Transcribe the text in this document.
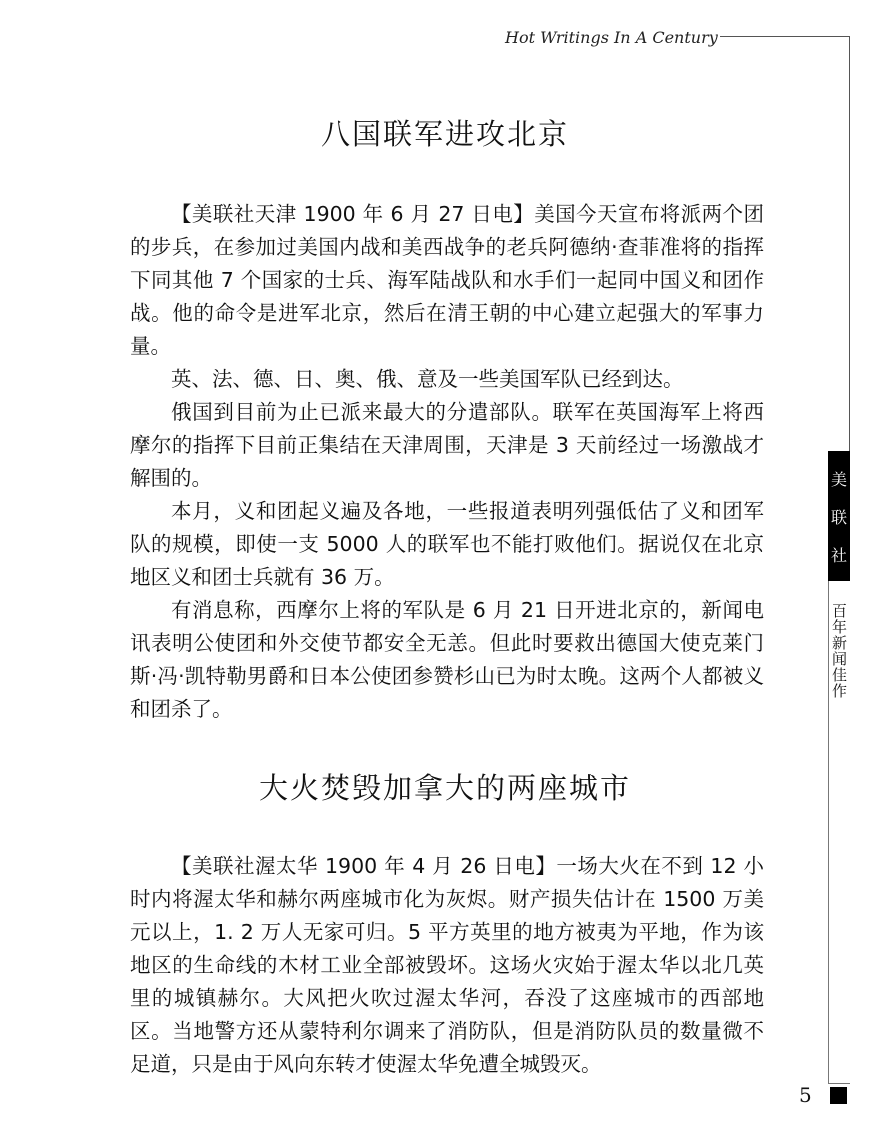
Hot Writings In A Century
美
联
社
百年新闻佳作
5
八国联军进攻北京

【美联社天津 1900 年 6 月 27 日电】美国今天宣布将派两个团的步兵，在参加过美国内战和美西战争的老兵阿德纳·查菲准将的指挥下同其他 7 个国家的士兵、海军陆战队和水手们一起同中国义和团作战。他的命令是进军北京，然后在清王朝的中心建立起强大的军事力量。

英、法、德、日、奥、俄、意及一些美国军队已经到达。

俄国到目前为止已派来最大的分遣部队。联军在英国海军上将西摩尔的指挥下目前正集结在天津周围，天津是 3 天前经过一场激战才解围的。

本月，义和团起义遍及各地，一些报道表明列强低估了义和团军队的规模，即使一支 5000 人的联军也不能打败他们。据说仅在北京地区义和团士兵就有 36 万。

有消息称，西摩尔上将的军队是 6 月 21 日开进北京的，新闻电讯表明公使团和外交使节都安全无恙。但此时要救出德国大使克莱门斯·冯·凯特勒男爵和日本公使团参赞杉山已为时太晚。这两个人都被义和团杀了。

大火焚毁加拿大的两座城市

【美联社渥太华 1900 年 4 月 26 日电】一场大火在不到 12 小时内将渥太华和赫尔两座城市化为灰烬。财产损失估计在 1500 万美元以上，1. 2 万人无家可归。5 平方英里的地方被夷为平地，作为该地区的生命线的木材工业全部被毁坏。这场火灾始于渥太华以北几英里的城镇赫尔。大风把火吹过渥太华河，吞没了这座城市的西部地区。当地警方还从蒙特利尔调来了消防队，但是消防队员的数量微不足道，只是由于风向东转才使渥太华免遭全城毁灭。
